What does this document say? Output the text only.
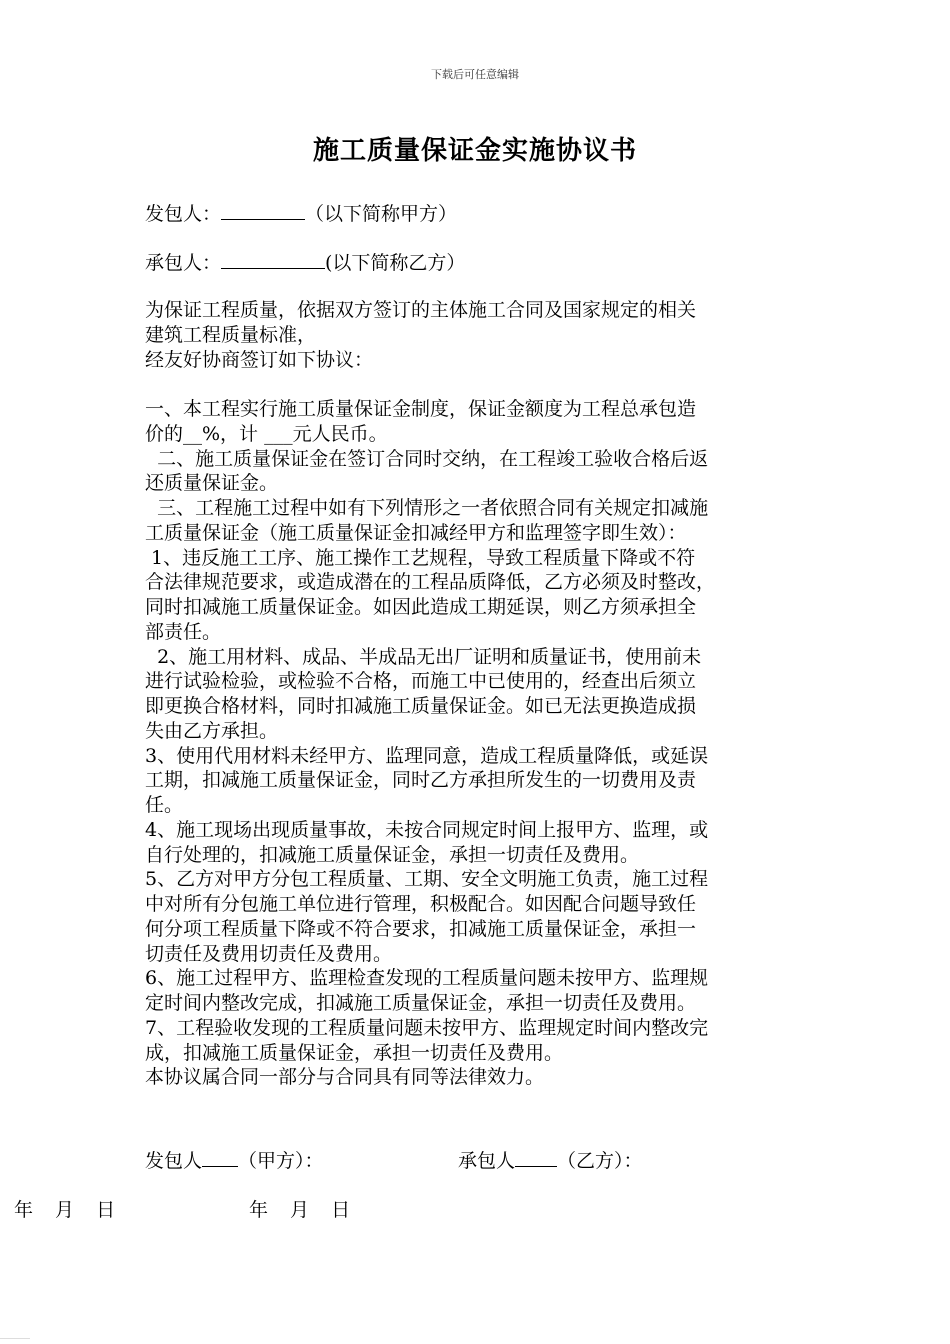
下载后可任意编辑
施工质量保证金实施协议书
发包人：	（以下简称甲方）
承包人：	(以下简称乙方）
为保证工程质量，依据双方签订的主体施工合同及国家规定的相关
建筑工程质量标准，
经友好协商签订如下协议：
一、本工程实行施工质量保证金制度，保证金额度为工程总承包造
价的__%，计 ___元人民币。
二、施工质量保证金在签订合同时交纳，在工程竣工验收合格后返
还质量保证金。
三、工程施工过程中如有下列情形之一者依照合同有关规定扣减施
工质量保证金（施工质量保证金扣减经甲方和监理签字即生效）：
1、违反施工工序、施工操作工艺规程，导致工程质量下降或不符
合法律规范要求，或造成潜在的工程品质降低，乙方必须及时整改，
同时扣减施工质量保证金。如因此造成工期延误，则乙方须承担全
部责任。
2、施工用材料、成品、半成品无出厂证明和质量证书，使用前未
进行试验检验，或检验不合格，而施工中已使用的，经查出后须立
即更换合格材料，同时扣减施工质量保证金。如已无法更换造成损
失由乙方承担。
3、使用代用材料未经甲方、监理同意，造成工程质量降低，或延误
工期，扣减施工质量保证金，同时乙方承担所发生的一切费用及责
任。
4、施工现场出现质量事故，未按合同规定时间上报甲方、监理，或
自行处理的，扣减施工质量保证金，承担一切责任及费用。
5、乙方对甲方分包工程质量、工期、安全文明施工负责，施工过程
中对所有分包施工单位进行管理，积极配合。如因配合问题导致任
何分项工程质量下降或不符合要求，扣减施工质量保证金，承担一
切责任及费用切责任及费用。
6、施工过程甲方、监理检查发现的工程质量问题未按甲方、监理规
定时间内整改完成，扣减施工质量保证金，承担一切责任及费用。
7、工程验收发现的工程质量问题未按甲方、监理规定时间内整改完
成，扣减施工质量保证金，承担一切责任及费用。
本协议属合同一部分与合同具有同等法律效力。
发包人 （甲方）：	承包人 （乙方）：
年 月 日	年 月 日
